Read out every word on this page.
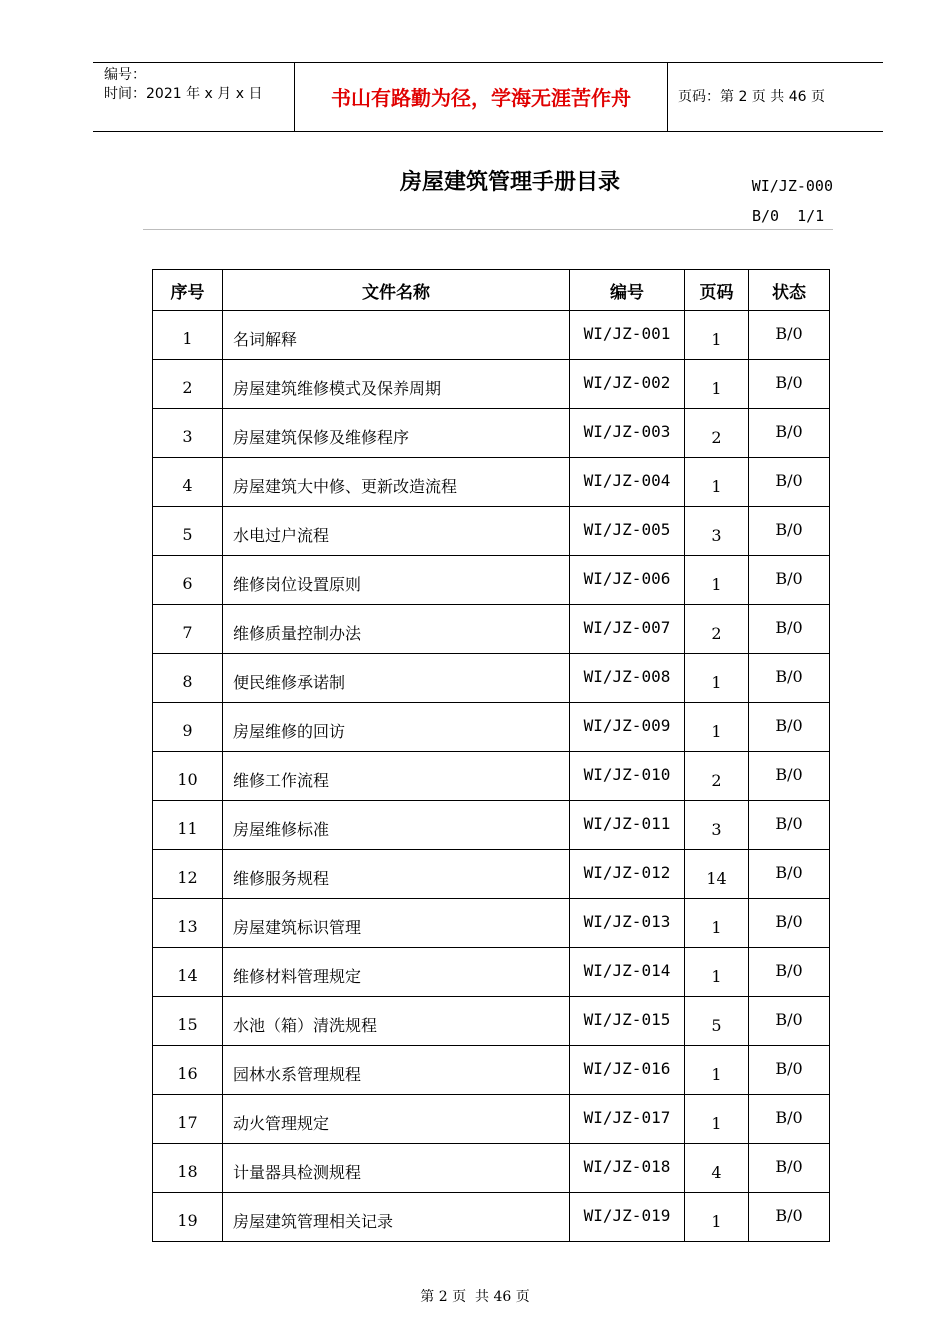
编号：
时间：2021 年 x 月 x 日	书山有路勤为径，学海无涯苦作舟	页码：第 2 页 共 46 页
房屋建筑管理手册目录	WI/JZ-000
B/0 1/1
序号	文件名称	编号	页码	状态
1	名词解释	WI/JZ-001	1	B/0
2	房屋建筑维修模式及保养周期	WI/JZ-002	1	B/0
3	房屋建筑保修及维修程序	WI/JZ-003	2	B/0
4	房屋建筑大中修、更新改造流程	WI/JZ-004	1	B/0
5	水电过户流程	WI/JZ-005	3	B/0
6	维修岗位设置原则	WI/JZ-006	1	B/0
7	维修质量控制办法	WI/JZ-007	2	B/0
8	便民维修承诺制	WI/JZ-008	1	B/0
9	房屋维修的回访	WI/JZ-009	1	B/0
10	维修工作流程	WI/JZ-010	2	B/0
11	房屋维修标准	WI/JZ-011	3	B/0
12	维修服务规程	WI/JZ-012	14	B/0
13	房屋建筑标识管理	WI/JZ-013	1	B/0
14	维修材料管理规定	WI/JZ-014	1	B/0
15	水池（箱）清洗规程	WI/JZ-015	5	B/0
16	园林水系管理规程	WI/JZ-016	1	B/0
17	动火管理规定	WI/JZ-017	1	B/0
18	计量器具检测规程	WI/JZ-018	4	B/0
19	房屋建筑管理相关记录	WI/JZ-019	1	B/0
第 2 页  共 46 页
